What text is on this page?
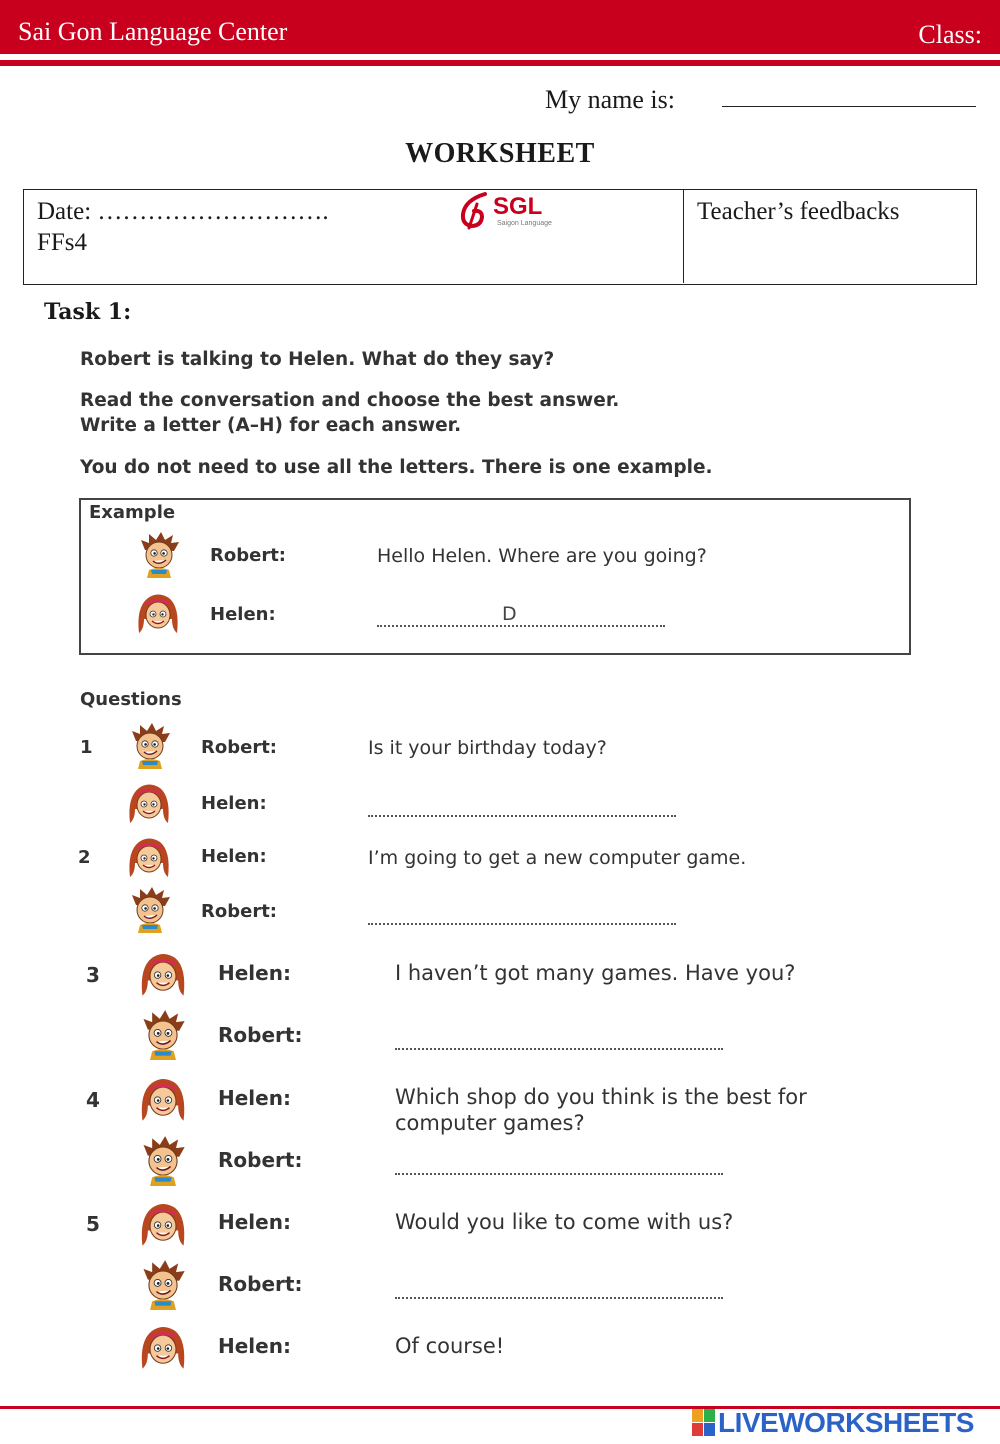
Sai Gon Language Center	Class:
My name is:
WORKSHEET
Date: ……………………….
FFs4
SGL
Saigon Language	Teacher’s feedbacks
Task 1:
Robert is talking to Helen. What do they say?
Read the conversation and choose the best answer.
Write a letter (A–H) for each answer.
You do not need to use all the letters. There is one example.
Example
Robert:	Hello Helen. Where are you going?
Helen:	D
Questions
1	Robert:	Is it your birthday today?
Helen:
2	Helen:	I’m going to get a new computer game.
Robert:
3	Helen:	I haven’t got many games. Have you?
Robert:
4	Helen:	Which shop do you think is the best for
computer games?
Robert:
5	Helen:	Would you like to come with us?
Robert:
Helen:	Of course!
LIVEWORKSHEETS
